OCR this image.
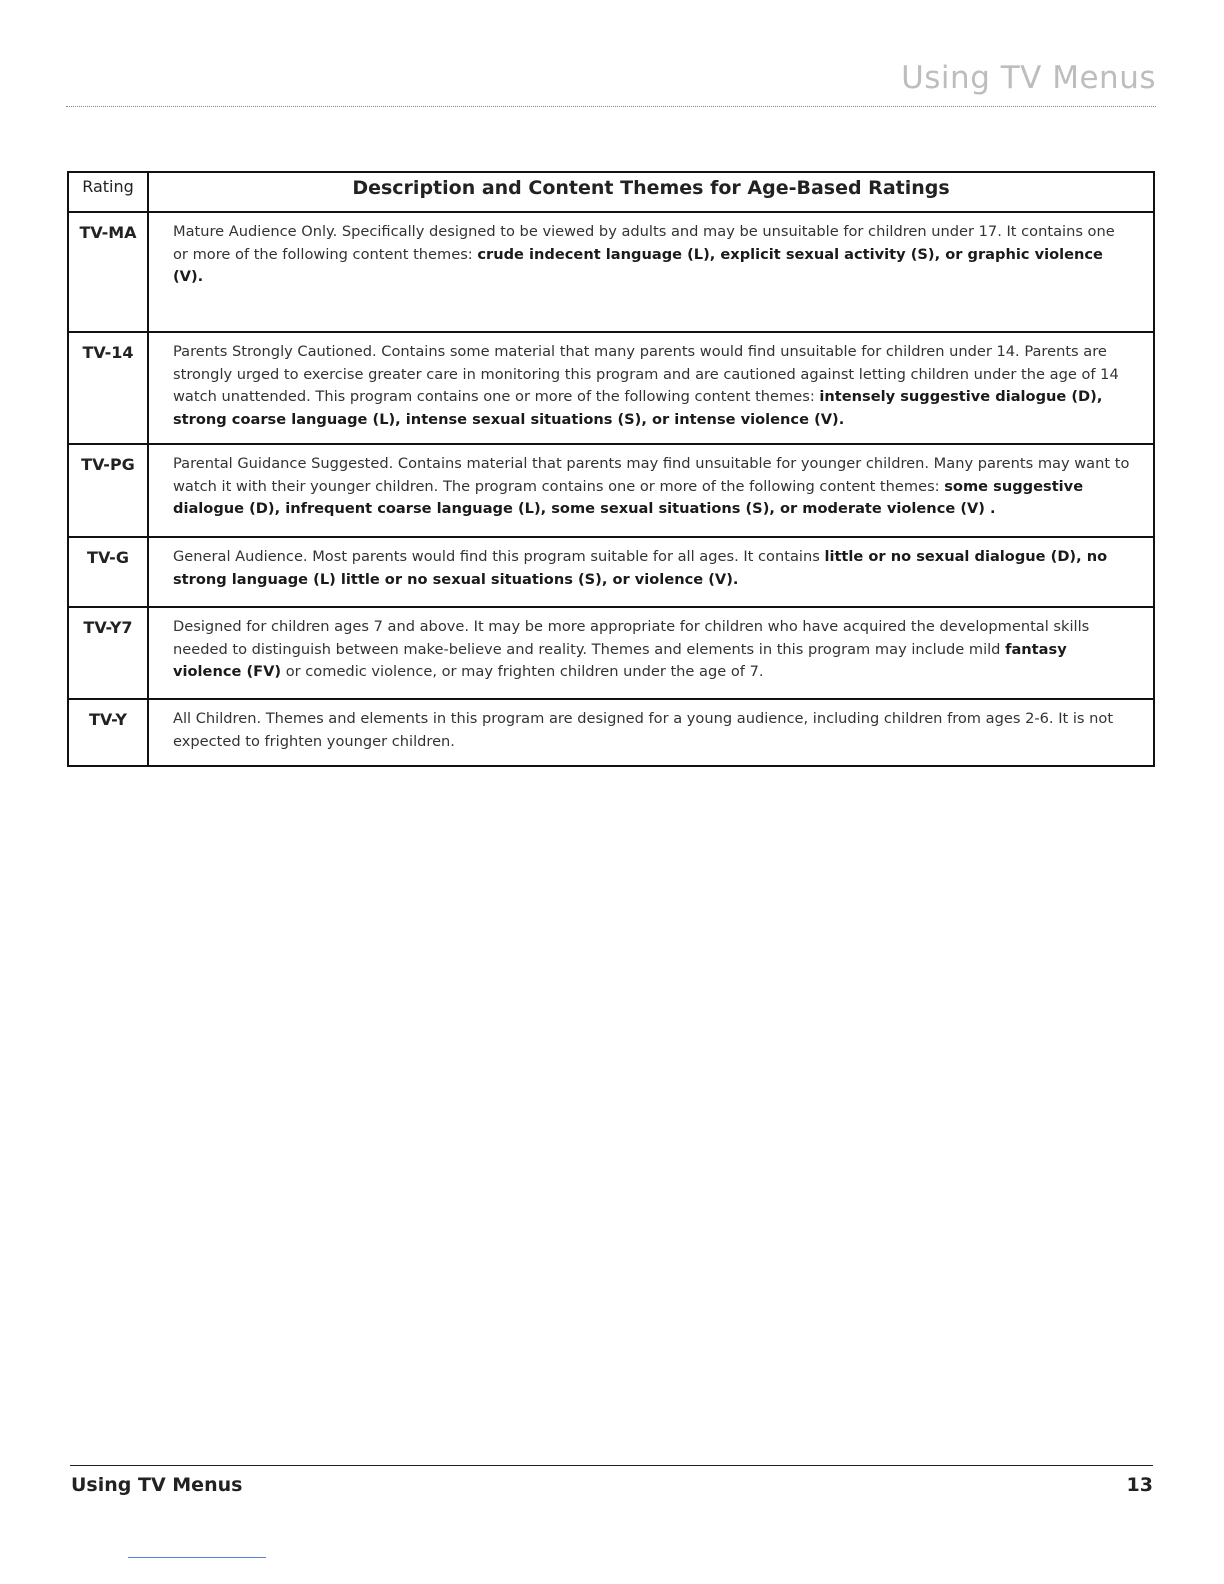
Using TV Menus
Rating	Description and Content Themes for Age-Based Ratings
TV-MA	Mature Audience Only. Specifically designed to be viewed by adults and may be unsuitable for children under 17. It contains one or more of the following content themes: crude indecent language (L), explicit sexual activity (S), or graphic violence (V).
TV-14	Parents Strongly Cautioned. Contains some material that many parents would find unsuitable for children under 14. Parents are strongly urged to exercise greater care in monitoring this program and are cautioned against letting children under the age of 14 watch unattended. This program contains one or more of the following content themes: intensely suggestive dialogue (D), strong coarse language (L), intense sexual situations (S), or intense violence (V).
TV-PG	Parental Guidance Suggested. Contains material that parents may find unsuitable for younger children. Many parents may want to watch it with their younger children. The program contains one or more of the following content themes: some suggestive dialogue (D), infrequent coarse language (L), some sexual situations (S), or moderate violence (V) .
TV-G	General Audience. Most parents would find this program suitable for all ages. It contains little or no sexual dialogue (D), no strong language (L) little or no sexual situations (S), or violence (V).
TV-Y7	Designed for children ages 7 and above. It may be more appropriate for children who have acquired the developmental skills needed to distinguish between make-believe and reality. Themes and elements in this program may include mild fantasy violence (FV) or comedic violence, or may frighten children under the age of 7.
TV-Y	All Children. Themes and elements in this program are designed for a young audience, including children from ages 2-6. It is not expected to frighten younger children.
Using TV Menus	13
